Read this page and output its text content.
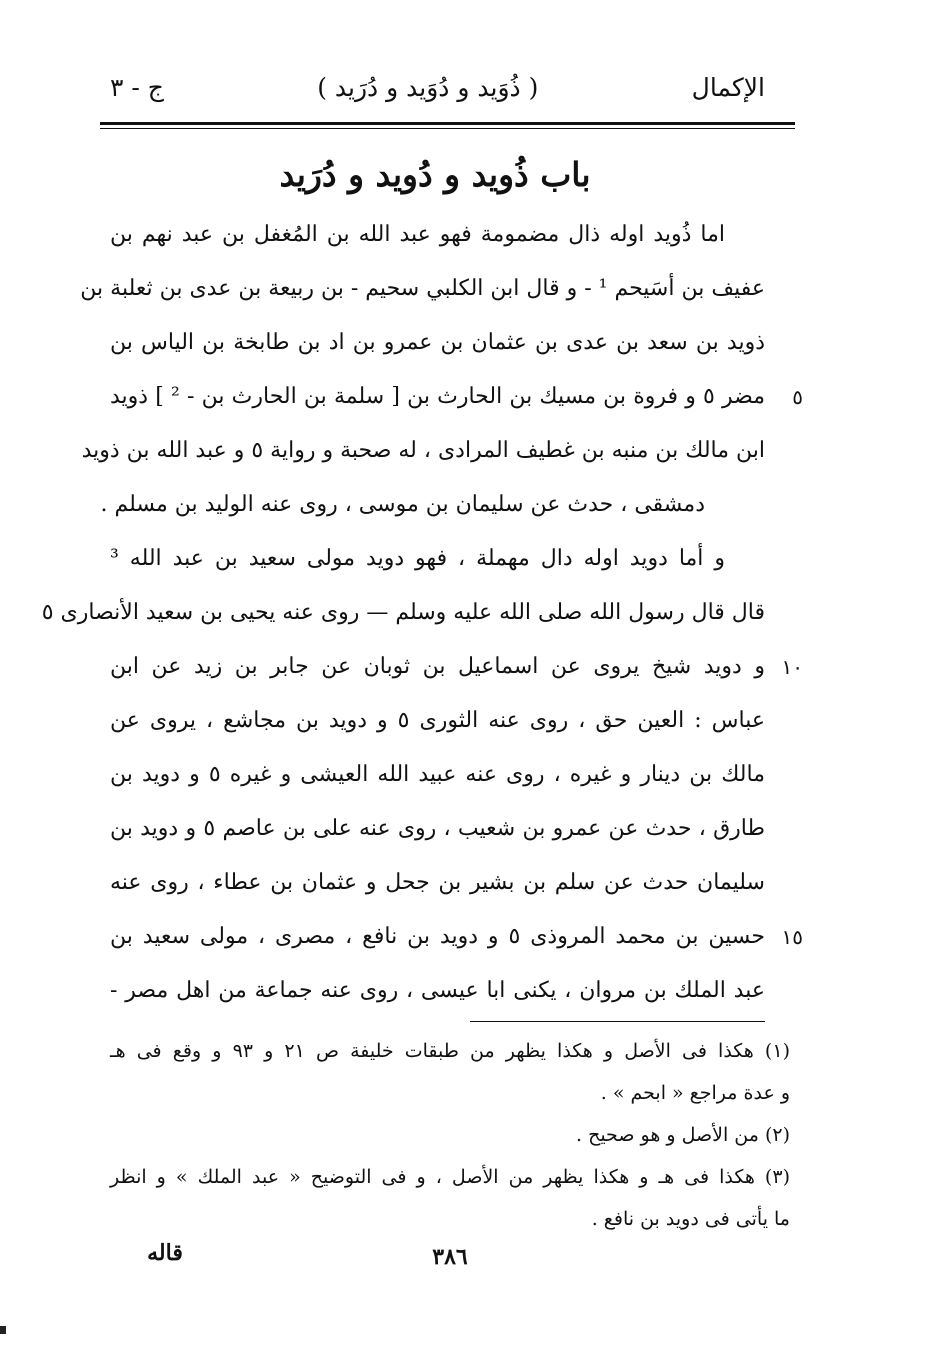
الإكمال
( ذُوَيد و دُوَيد و دُرَيد )
ج - ٣
باب ذُويد و دُويد و دُرَيد
اما ذُويد اوله ذال مضمومة فهو عبد الله بن المُغفل بن عبد نهم بن
عفيف بن أسَيحم ¹ - و قال ابن الكلبي سحيم - بن ربيعة بن عدى بن ثعلبة بن
ذويد بن سعد بن عدى بن عثمان بن عمرو بن اد بن طابخة بن الياس بن
٥
مضر ٥ و فروة بن مسيك بن الحارث بن [ سلمة بن الحارث بن - ² ] ذويد
ابن مالك بن منبه بن غطيف المرادى ، له صحبة و رواية ٥ و عبد الله بن ذويد
دمشقى ، حدث عن سليمان بن موسى ، روى عنه الوليد بن مسلم .
و أما دويد اوله دال مهملة ، فهو دويد مولى سعيد بن عبد الله ³
قال قال رسول الله صلى الله عليه وسلم — روى عنه يحيى بن سعيد الأنصارى ٥
١٠
و دويد شيخ يروى عن اسماعيل بن ثوبان عن جابر بن زيد عن ابن
عباس : العين حق ، روى عنه الثورى ٥ و دويد بن مجاشع ، يروى عن
مالك بن دينار و غيره ، روى عنه عبيد الله العيشى و غيره ٥ و دويد بن
طارق ، حدث عن عمرو بن شعيب ، روى عنه على بن عاصم ٥ و دويد بن
سليمان حدث عن سلم بن بشير بن جحل و عثمان بن عطاء ، روى عنه
١٥
حسين بن محمد المروذى ٥ و دويد بن نافع ، مصرى ، مولى سعيد بن
عبد الملك بن مروان ، يكنى ابا عيسى ، روى عنه جماعة من اهل مصر -
(١) هكذا فى الأصل و هكذا يظهر من طبقات خليفة ص ٢١ و ٩٣ و وقع فى هـ
و عدة مراجع « ابحم » .
(٢) من الأصل و هو صحيح .
(٣) هكذا فى هـ و هكذا يظهر من الأصل ، و فى التوضيح « عبد الملك » و انظر
ما يأتى فى دويد بن نافع .
٣٨٦
قاله
